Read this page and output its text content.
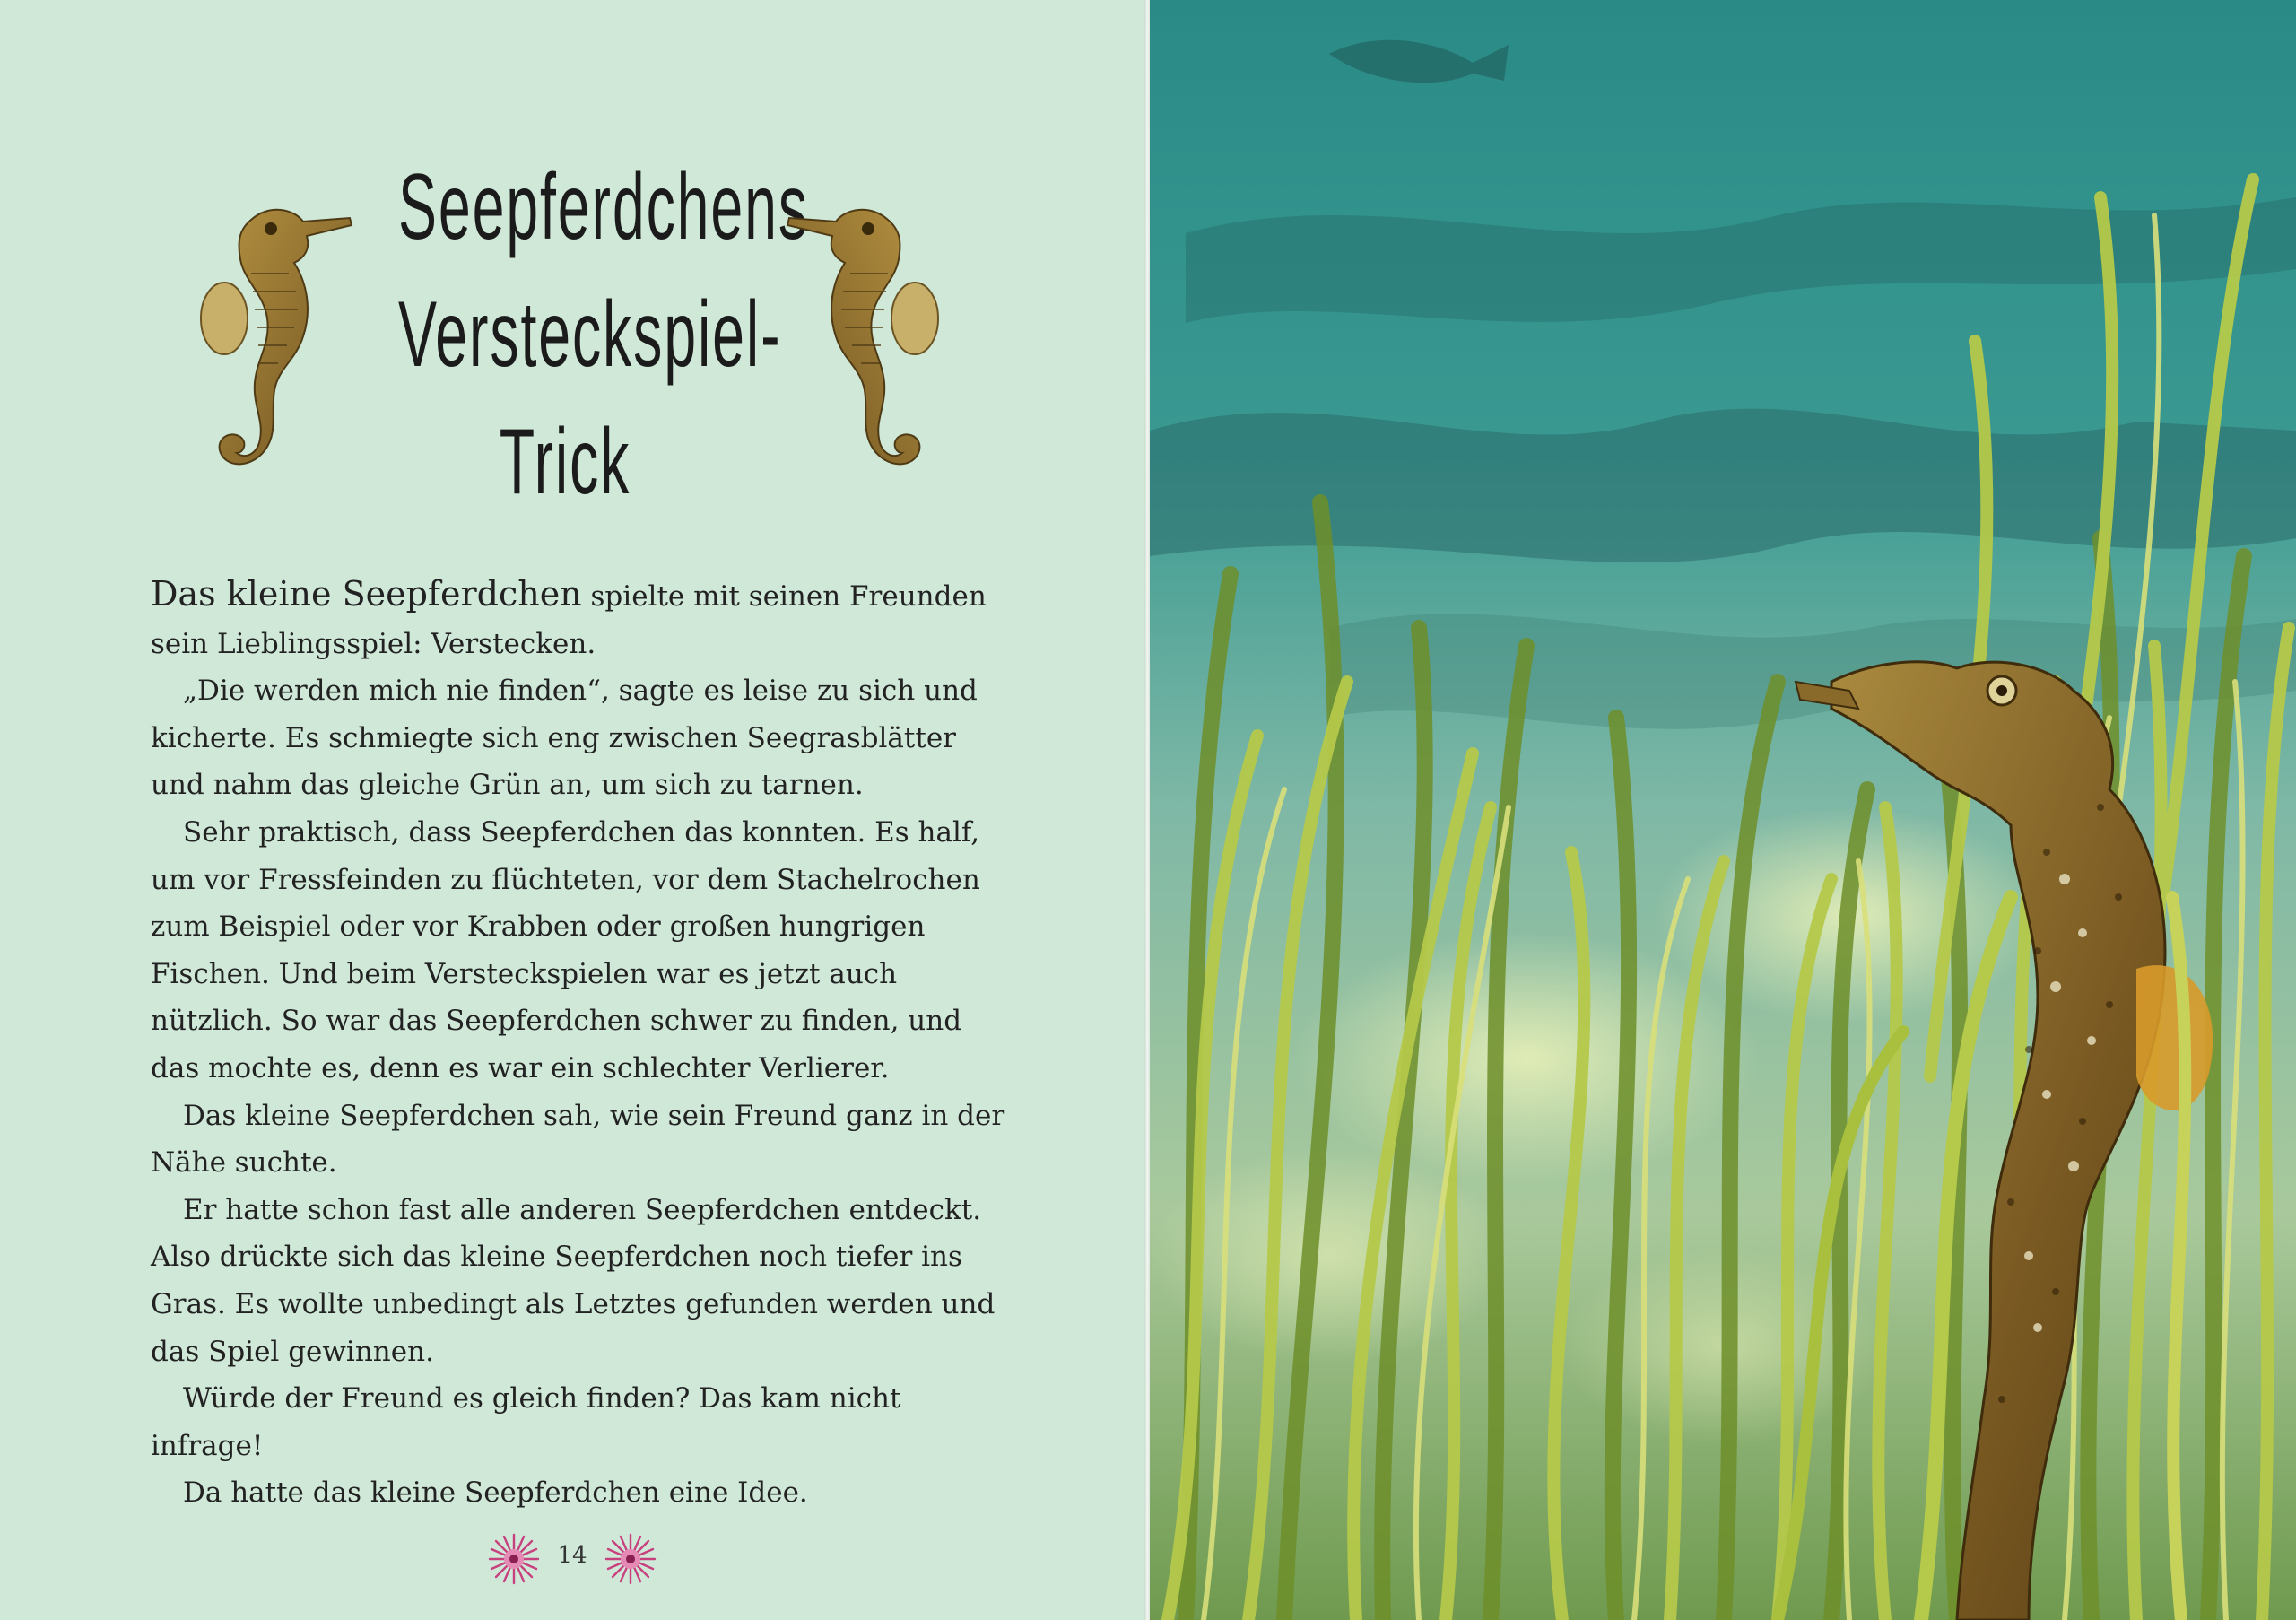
Seepferdchens
Versteckspiel-
Trick

Das kleine Seepferdchen spielte mit seinen Freunden sein Lieblingsspiel: Verstecken.

„Die werden mich nie finden“, sagte es leise zu sich und kicherte. Es schmiegte sich eng zwischen Seegrasblätter und nahm das gleiche Grün an, um sich zu tarnen.

Sehr praktisch, dass Seepferdchen das konnten. Es half, um vor Fressfeinden zu flüchteten, vor dem Stachelrochen zum Beispiel oder vor Krabben oder großen hungrigen Fischen. Und beim Versteckspielen war es jetzt auch nützlich. So war das Seepferdchen schwer zu finden, und das mochte es, denn es war ein schlechter Verlierer.

Das kleine Seepferdchen sah, wie sein Freund ganz in der Nähe suchte.

Er hatte schon fast alle anderen Seepferdchen entdeckt. Also drückte sich das kleine Seepferdchen noch tiefer ins Gras. Es wollte unbedingt als Letztes gefunden werden und das Spiel gewinnen.

Würde der Freund es gleich finden? Das kam nicht infrage!

Da hatte das kleine Seepferdchen eine Idee.

14
